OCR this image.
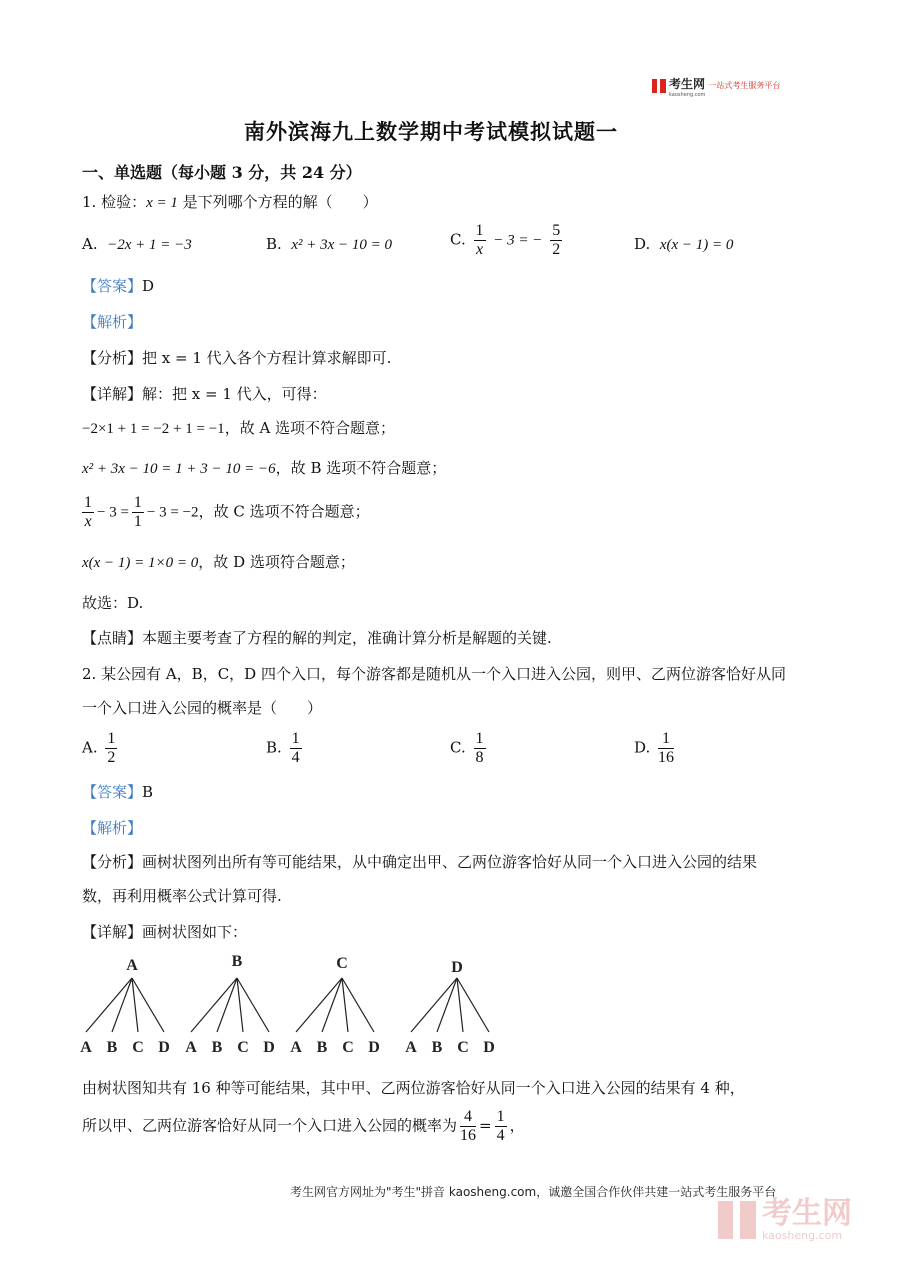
考生网
kaosheng.com
一站式考生服务平台
南外滨海九上数学期中考试模拟试题一
一、单选题（每小题 3 分，共 24 分）
1. 检验：x = 1 是下列哪个方程的解（　　）
A. −2x + 1 = −3	B. x² + 3x − 10 = 0	C. $\frac{1}{x} - 3$ = − $\frac{5}{2}$	D. x(x − 1) = 0
【答案】D
【解析】
【分析】把 x = 1 代入各个方程计算求解即可.
【详解】解：把 x = 1 代入，可得：
−2×1 + 1 = −2 + 1 = −1，故 A 选项不符合题意；
x² + 3x − 10 = 1 + 3 − 10 = −6，故 B 选项不符合题意；
$\frac{1}{x} - 3 = \frac{1}{1} - 3 = -2$，故 C 选项不符合题意；
x(x − 1) = 1×0 = 0，故 D 选项符合题意；
故选：D.
【点睛】本题主要考查了方程的解的判定，准确计算分析是解题的关键.
2. 某公园有 A，B，C，D 四个入口，每个游客都是随机从一个入口进入公园，则甲、乙两位游客恰好从同
一个入口进入公园的概率是（　　）
A. $\frac{1}{2}$	B. $\frac{1}{4}$	C. $\frac{1}{8}$	D. $\frac{1}{16}$
【答案】B
【解析】
【分析】画树状图列出所有等可能结果，从中确定出甲、乙两位游客恰好从同一个入口进入公园的结果
数，再利用概率公式计算可得.
【详解】画树状图如下：
A
A B C D
B
A B C D
C
A B C D
D
A B C D
由树状图知共有 16 种等可能结果，其中甲、乙两位游客恰好从同一个入口进入公园的结果有 4 种，
所以甲、乙两位游客恰好从同一个入口进入公园的概率为 $\frac{4}{16} = \frac{1}{4}$ ，
考生网官方网址为"考生"拼音 kaosheng.com，诚邀全国合作伙伴共建一站式考生服务平台
考生网
kaosheng.com
